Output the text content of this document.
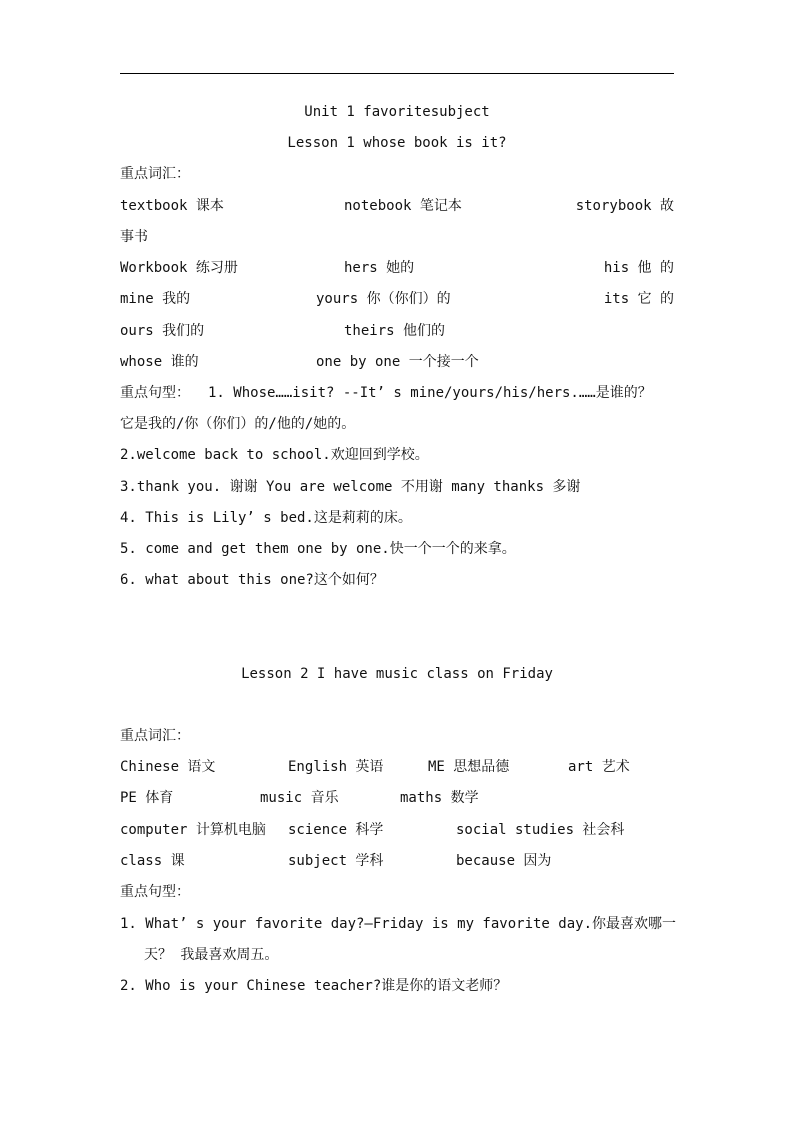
Unit 1 favoritesubject
Lesson 1 whose book is it?
重点词汇：
textbook 课本	notebook 笔记本	storybook 故
事书
Workbook 练习册	hers 她的	his 他 的
mine 我的	yours 你（你们）的	its 它 的
ours 我们的	theirs 他们的
whose 谁的	one by one 一个接一个
重点句型： 1. Whose……isit? --It’ s mine/yours/his/hers.……是谁的？
它是我的/你（你们）的/他的/她的。
2.welcome back to school.欢迎回到学校。
3.thank you. 谢谢 You are welcome 不用谢 many thanks 多谢
4. This is Lily’ s bed.这是莉莉的床。
5. come and get them one by one.快一个一个的来拿。
6. what about this one?这个如何？
Lesson 2 I have music class on Friday
重点词汇：
Chinese 语文	English 英语	ME 思想品德	art 艺术
PE 体育	music 音乐	maths 数学
computer 计算机电脑 science 科学	social studies 社会科
class 课	subject 学科	because 因为
重点句型：
1. What’ s your favorite day?—Friday is my favorite day.你最喜欢哪一
天？ 我最喜欢周五。
2. Who is your Chinese teacher?谁是你的语文老师？
